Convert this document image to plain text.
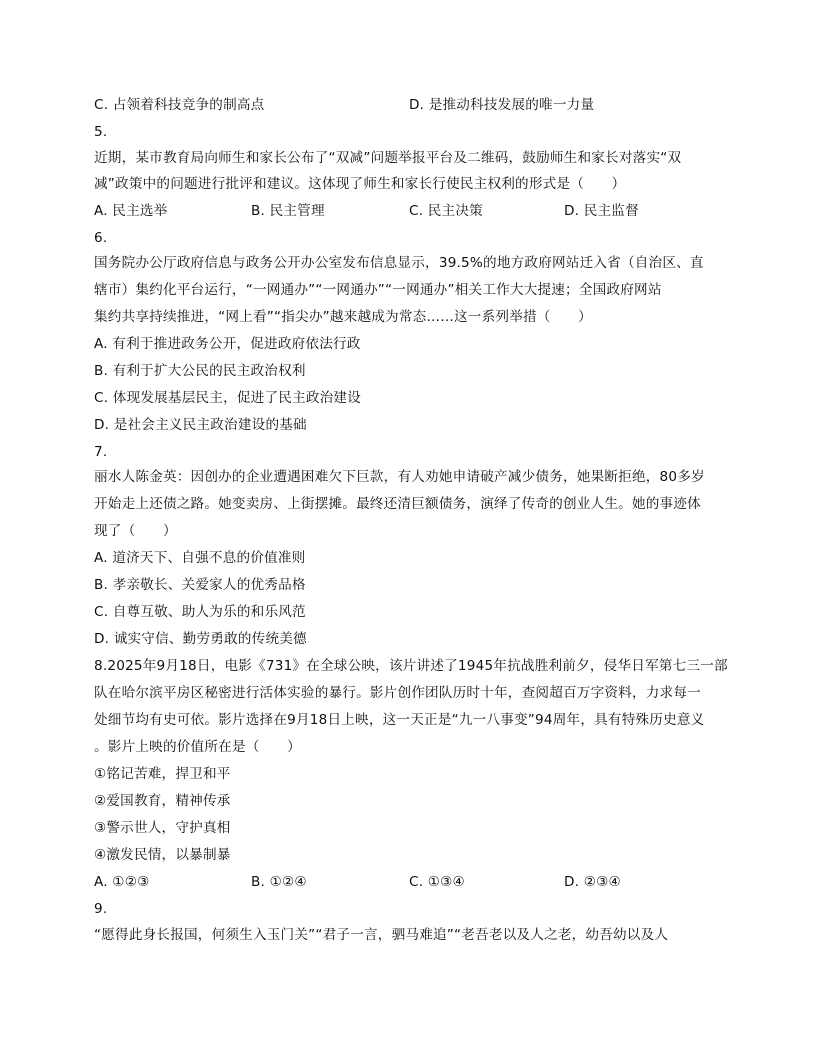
C. 占领着科技竞争的制高点	D. 是推动科技发展的唯一力量
5.
近期，某市教育局向师生和家长公布了“双减”问题举报平台及二维码，鼓励师生和家长对落实“双
减”政策中的问题进行批评和建议。这体现了师生和家长行使民主权利的形式是（　　）
A. 民主选举	B. 民主管理	C. 民主决策	D. 民主监督
6.
国务院办公厅政府信息与政务公开办公室发布信息显示，39.5%的地方政府网站迁入省（自治区、直
辖市）集约化平台运行，“一网通办”“一网通办”“一网通办”相关工作大大提速；全国政府网站
集约共享持续推进，“网上看”“指尖办”越来越成为常态……这一系列举措（　　）
A. 有利于推进政务公开，促进政府依法行政
B. 有利于扩大公民的民主政治权利
C. 体现发展基层民主，促进了民主政治建设
D. 是社会主义民主政治建设的基础
7.
丽水人陈金英：因创办的企业遭遇困难欠下巨款，有人劝她申请破产减少债务，她果断拒绝，80多岁
开始走上还债之路。她变卖房、上街摆摊。最终还清巨额债务，演绎了传奇的创业人生。她的事迹体
现了（　　）
A. 道济天下、自强不息的价值准则
B. 孝亲敬长、关爱家人的优秀品格
C. 自尊互敬、助人为乐的和乐风范
D. 诚实守信、勤劳勇敢的传统美德
8.2025年9月18日，电影《731》在全球公映，该片讲述了1945年抗战胜利前夕，侵华日军第七三一部
队在哈尔滨平房区秘密进行活体实验的暴行。影片创作团队历时十年，查阅超百万字资料，力求每一
处细节均有史可依。影片选择在9月18日上映，这一天正是“九一八事变”94周年，具有特殊历史意义
。影片上映的价值所在是（　　）
①铭记苦难，捍卫和平
②爱国教育，精神传承
③警示世人，守护真相
④激发民情，以暴制暴
A. ①②③	B. ①②④	C. ①③④	D. ②③④
9.
“愿得此身长报国，何须生入玉门关”“君子一言，驷马难追”“老吾老以及人之老，幼吾幼以及人
